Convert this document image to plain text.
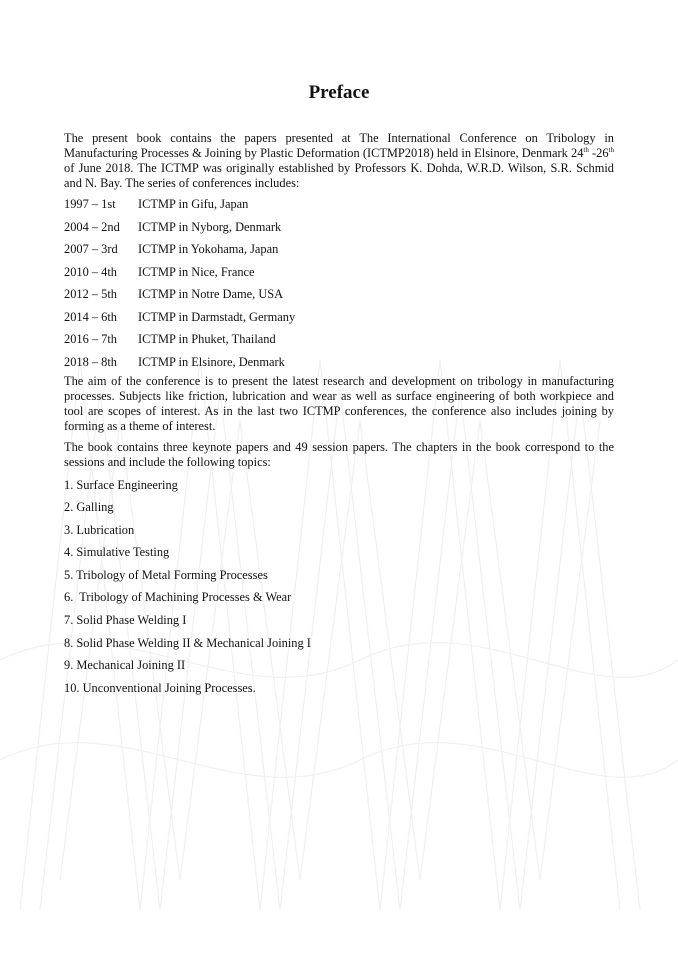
Preface

The present book contains the papers presented at The International Conference on Tribology in Manufacturing Processes & Joining by Plastic Deformation (ICTMP2018) held in Elsinore, Denmark 24th -26th of June 2018. The ICTMP was originally established by Professors K. Dohda, W.R.D. Wilson, S.R. Schmid and N. Bay. The series of conferences includes:

1997 – 1st	ICTMP in Gifu, Japan
2004 – 2nd	ICTMP in Nyborg, Denmark
2007 – 3rd	ICTMP in Yokohama, Japan
2010 – 4th	ICTMP in Nice, France
2012 – 5th	ICTMP in Notre Dame, USA
2014 – 6th	ICTMP in Darmstadt, Germany
2016 – 7th	ICTMP in Phuket, Thailand
2018 – 8th	ICTMP in Elsinore, Denmark

The aim of the conference is to present the latest research and development on tribology in manufacturing processes. Subjects like friction, lubrication and wear as well as surface engineering of both workpiece and tool are scopes of interest. As in the last two ICTMP conferences, the conference also includes joining by forming as a theme of interest.

The book contains three keynote papers and 49 session papers. The chapters in the book correspond to the sessions and include the following topics:

1. Surface Engineering
2. Galling
3. Lubrication
4. Simulative Testing
5. Tribology of Metal Forming Processes
6.  Tribology of Machining Processes & Wear
7. Solid Phase Welding I
8. Solid Phase Welding II & Mechanical Joining I
9. Mechanical Joining II
10. Unconventional Joining Processes.
